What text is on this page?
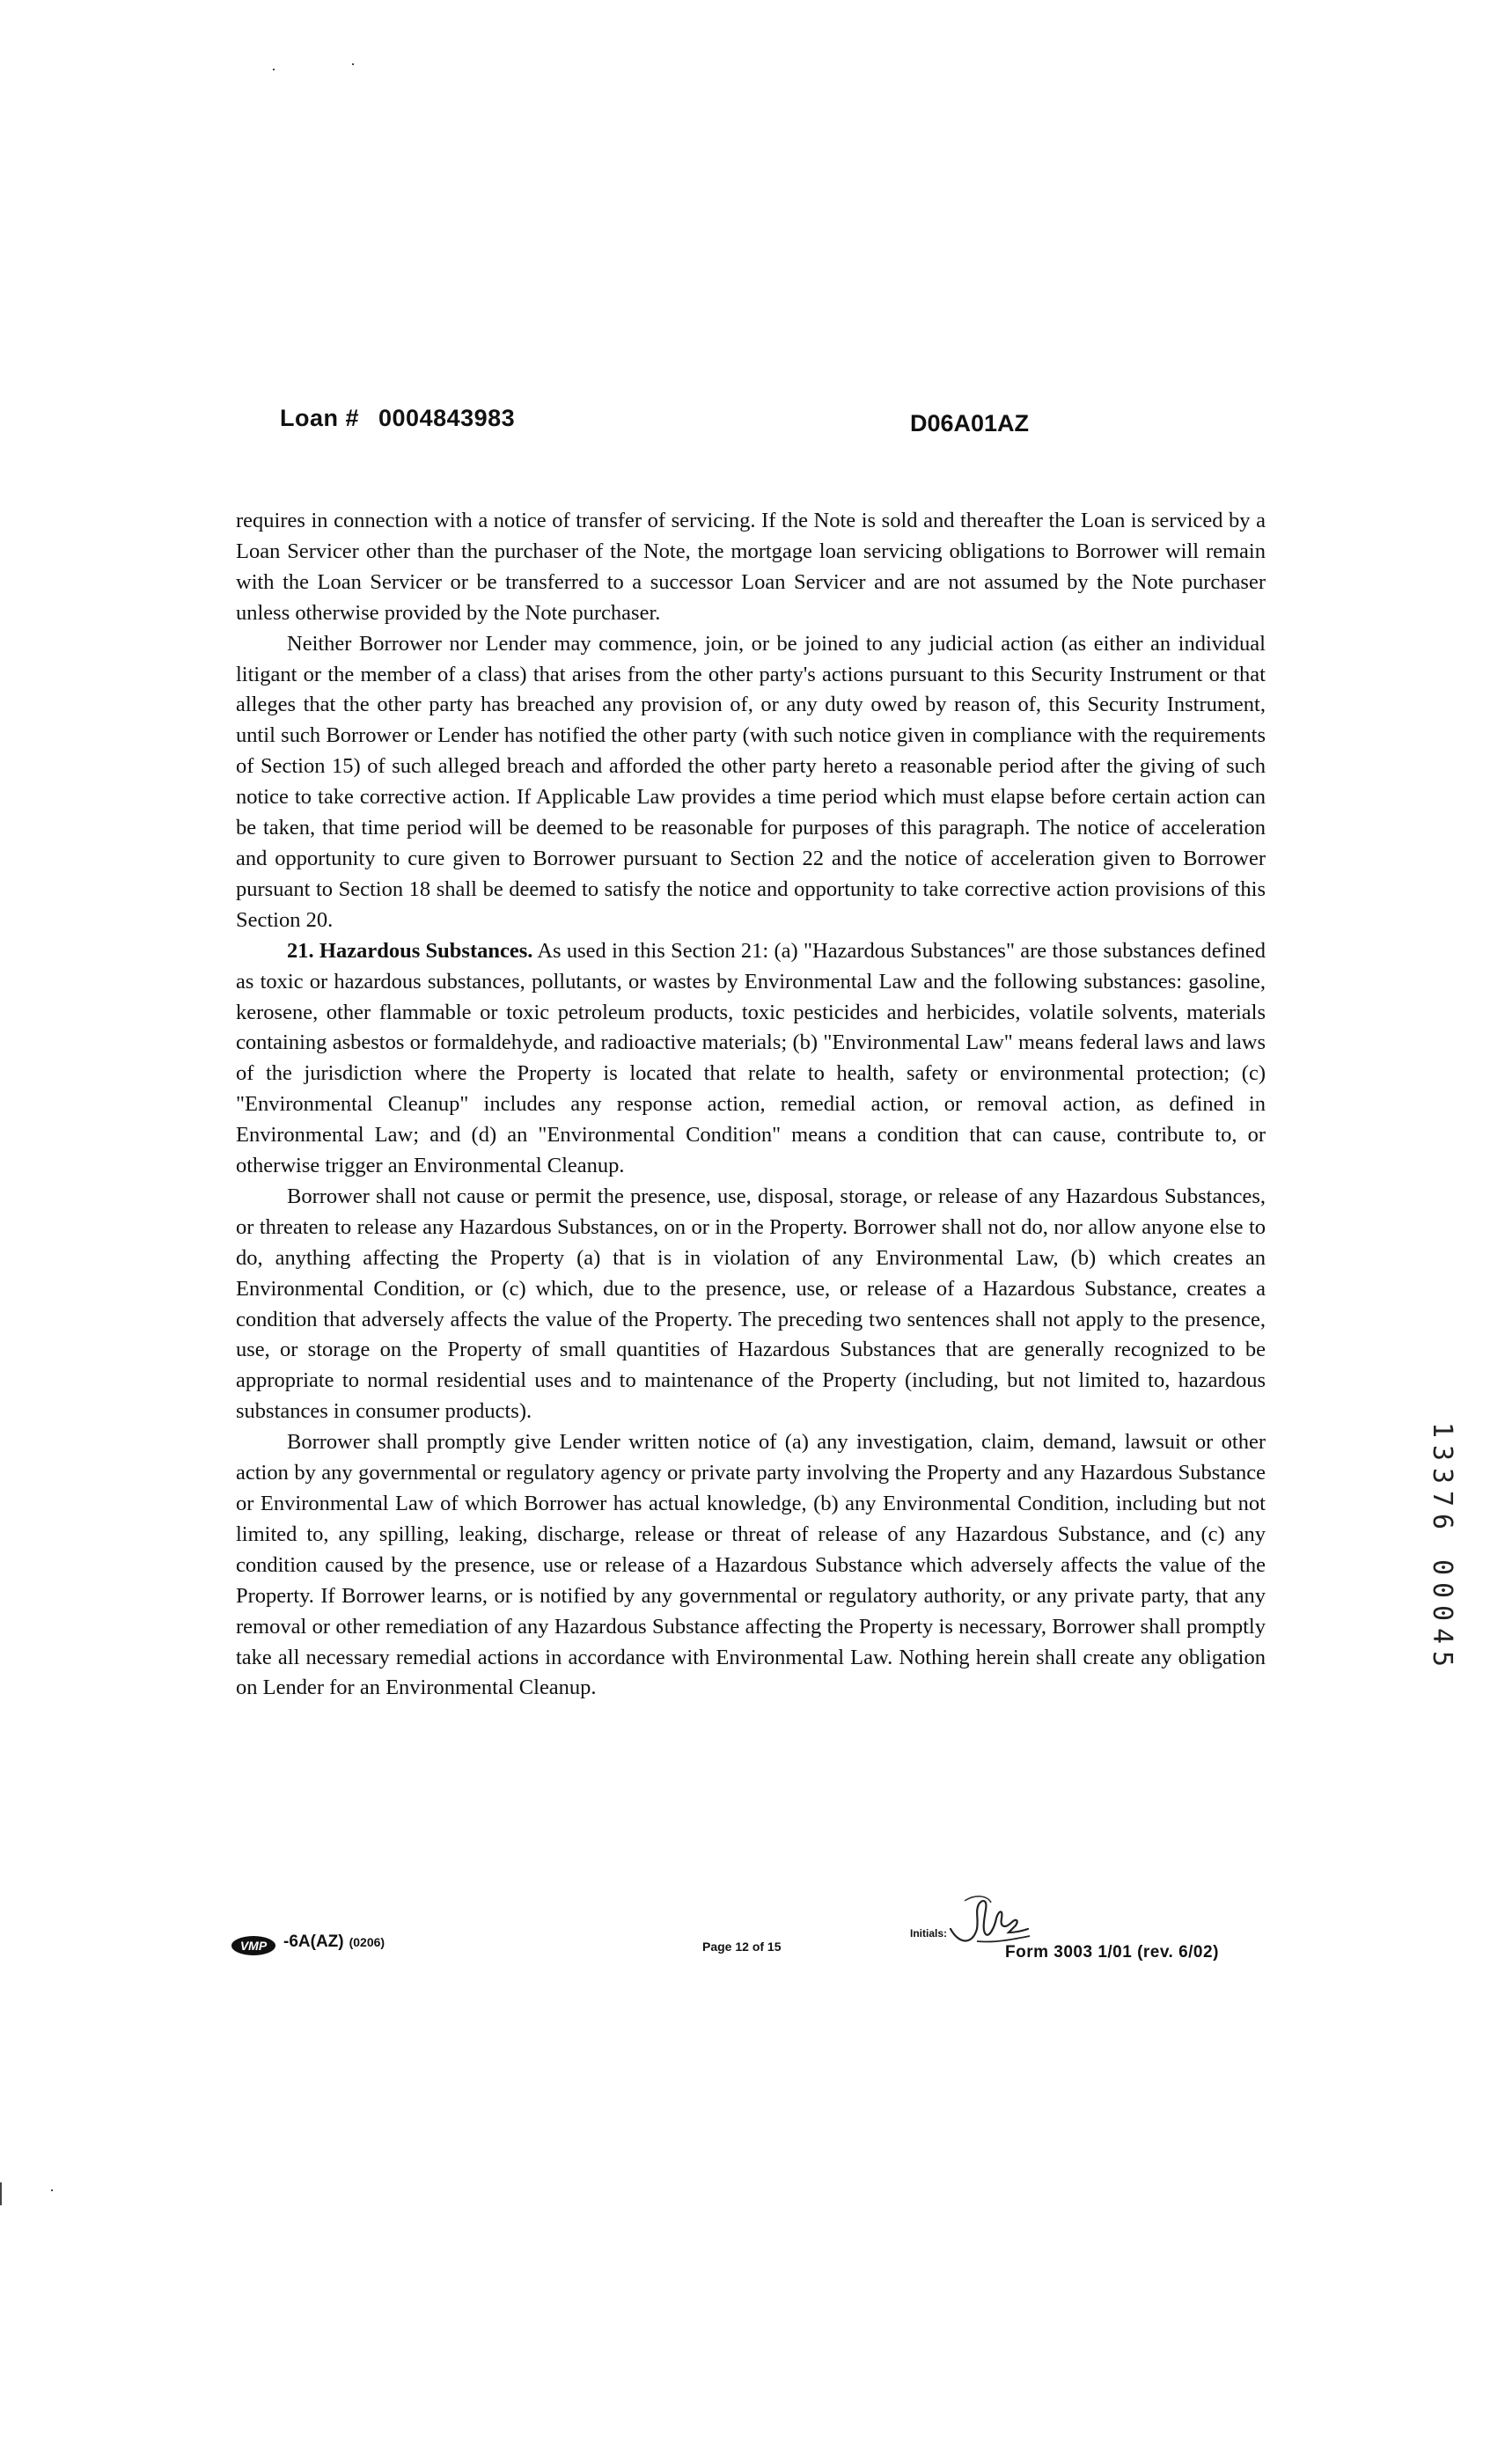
Loan # 0004843983	D06A01AZ

requires in connection with a notice of transfer of servicing. If the Note is sold and thereafter the Loan is serviced by a Loan Servicer other than the purchaser of the Note, the mortgage loan servicing obligations to Borrower will remain with the Loan Servicer or be transferred to a successor Loan Servicer and are not assumed by the Note purchaser unless otherwise provided by the Note purchaser.

Neither Borrower nor Lender may commence, join, or be joined to any judicial action (as either an individual litigant or the member of a class) that arises from the other party's actions pursuant to this Security Instrument or that alleges that the other party has breached any provision of, or any duty owed by reason of, this Security Instrument, until such Borrower or Lender has notified the other party (with such notice given in compliance with the requirements of Section 15) of such alleged breach and afforded the other party hereto a reasonable period after the giving of such notice to take corrective action. If Applicable Law provides a time period which must elapse before certain action can be taken, that time period will be deemed to be reasonable for purposes of this paragraph. The notice of acceleration and opportunity to cure given to Borrower pursuant to Section 22 and the notice of acceleration given to Borrower pursuant to Section 18 shall be deemed to satisfy the notice and opportunity to take corrective action provisions of this Section 20.

21. Hazardous Substances. As used in this Section 21: (a) "Hazardous Substances" are those substances defined as toxic or hazardous substances, pollutants, or wastes by Environmental Law and the following substances: gasoline, kerosene, other flammable or toxic petroleum products, toxic pesticides and herbicides, volatile solvents, materials containing asbestos or formaldehyde, and radioactive materials; (b) "Environmental Law" means federal laws and laws of the jurisdiction where the Property is located that relate to health, safety or environmental protection; (c) "Environmental Cleanup" includes any response action, remedial action, or removal action, as defined in Environmental Law; and (d) an "Environmental Condition" means a condition that can cause, contribute to, or otherwise trigger an Environmental Cleanup.

Borrower shall not cause or permit the presence, use, disposal, storage, or release of any Hazardous Substances, or threaten to release any Hazardous Substances, on or in the Property. Borrower shall not do, nor allow anyone else to do, anything affecting the Property (a) that is in violation of any Environmental Law, (b) which creates an Environmental Condition, or (c) which, due to the presence, use, or release of a Hazardous Substance, creates a condition that adversely affects the value of the Property. The preceding two sentences shall not apply to the presence, use, or storage on the Property of small quantities of Hazardous Substances that are generally recognized to be appropriate to normal residential uses and to maintenance of the Property (including, but not limited to, hazardous substances in consumer products).

Borrower shall promptly give Lender written notice of (a) any investigation, claim, demand, lawsuit or other action by any governmental or regulatory agency or private party involving the Property and any Hazardous Substance or Environmental Law of which Borrower has actual knowledge, (b) any Environmental Condition, including but not limited to, any spilling, leaking, discharge, release or threat of release of any Hazardous Substance, and (c) any condition caused by the presence, use or release of a Hazardous Substance which adversely affects the value of the Property. If Borrower learns, or is notified by any governmental or regulatory authority, or any private party, that any removal or other remediation of any Hazardous Substance affecting the Property is necessary, Borrower shall promptly take all necessary remedial actions in accordance with Environmental Law. Nothing herein shall create any obligation on Lender for an Environmental Cleanup.

1
3
3
7
6
0
0
0
4
5
VMP -6A(AZ) (0206)	Page 12 of 15
Initials:
Form 3003 1/01 (rev. 6/02)
